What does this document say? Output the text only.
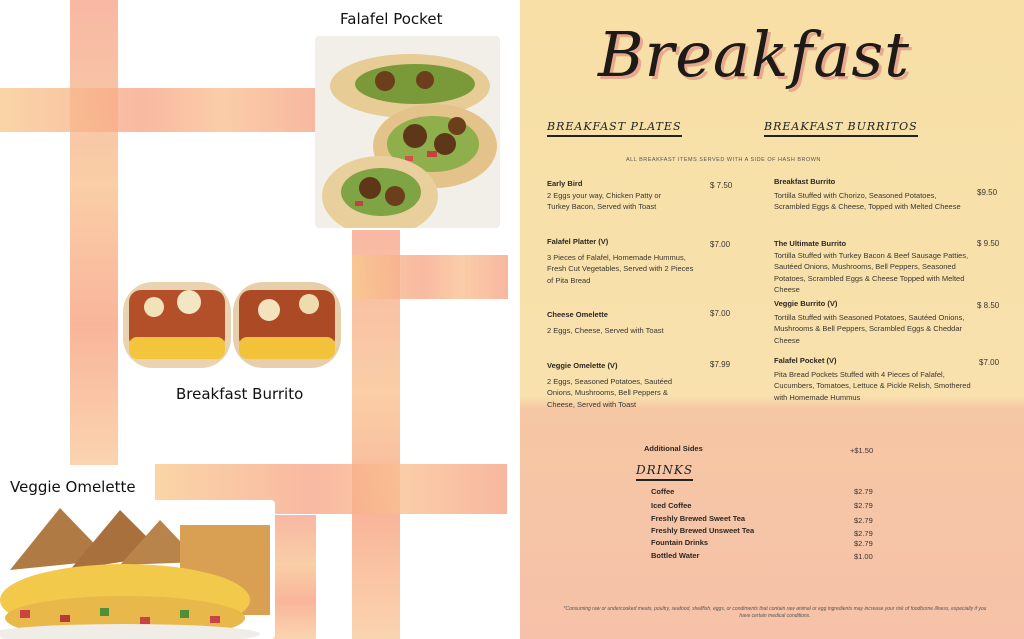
Falafel Pocket
Breakfast Burrito
Veggie Omelette
Breakfast
BREAKFAST PLATES	BREAKFAST BURRITOS
ALL BREAKFAST ITEMS SERVED WITH A SIDE OF HASH BROWN
Early Bird
2 Eggs your way, Chicken Patty or Turkey Bacon, Served with Toast
$ 7.50
Falafel Platter (V)
3 Pieces of Falafel, Homemade Hummus, Fresh Cut Vegetables, Served with 2 Pieces of Pita Bread
$7.00
Cheese Omelette
2 Eggs, Cheese, Served with Toast
$7.00
Veggie Omelette (V)
2 Eggs, Seasoned Potatoes, Sautéed Onions, Mushrooms, Bell Peppers & Cheese, Served with Toast
$7.99
Breakfast Burrito
Tortilla Stuffed with Chorizo, Seasoned Potatoes, Scrambled Eggs & Cheese, Topped with Melted Cheese
$9.50
The Ultimate Burrito
Tortilla Stuffed with Turkey Bacon & Beef Sausage Patties, Sautéed Onions, Mushrooms, Bell Peppers, Seasoned Potatoes, Scrambled Eggs & Cheese Topped with Melted Cheese
$ 9.50
Veggie Burrito (V)
Tortilla Stuffed with Seasoned Potatoes, Sautéed Onions, Mushrooms & Bell Peppers, Scrambled Eggs & Cheddar Cheese
$ 8.50
Falafel Pocket (V)
Pita Bread Pockets Stuffed with 4 Pieces of Falafel, Cucumbers, Tomatoes, Lettuce & Pickle Relish, Smothered with Homemade Hummus
$7.00
Additional Sides	+$1.50
DRINKS
Coffee	$2.79
Iced Coffee	$2.79
Freshly Brewed Sweet Tea	$2.79
Freshly Brewed Unsweet Tea	$2.79
Fountain Drinks	$2.79
Bottled Water	$1.00
*Consuming raw or undercooked meats, poultry, seafood, shellfish, eggs, or condiments that contain raw animal or egg ingredients may increase your risk of foodborne illness, especially if you have certain medical conditions.
